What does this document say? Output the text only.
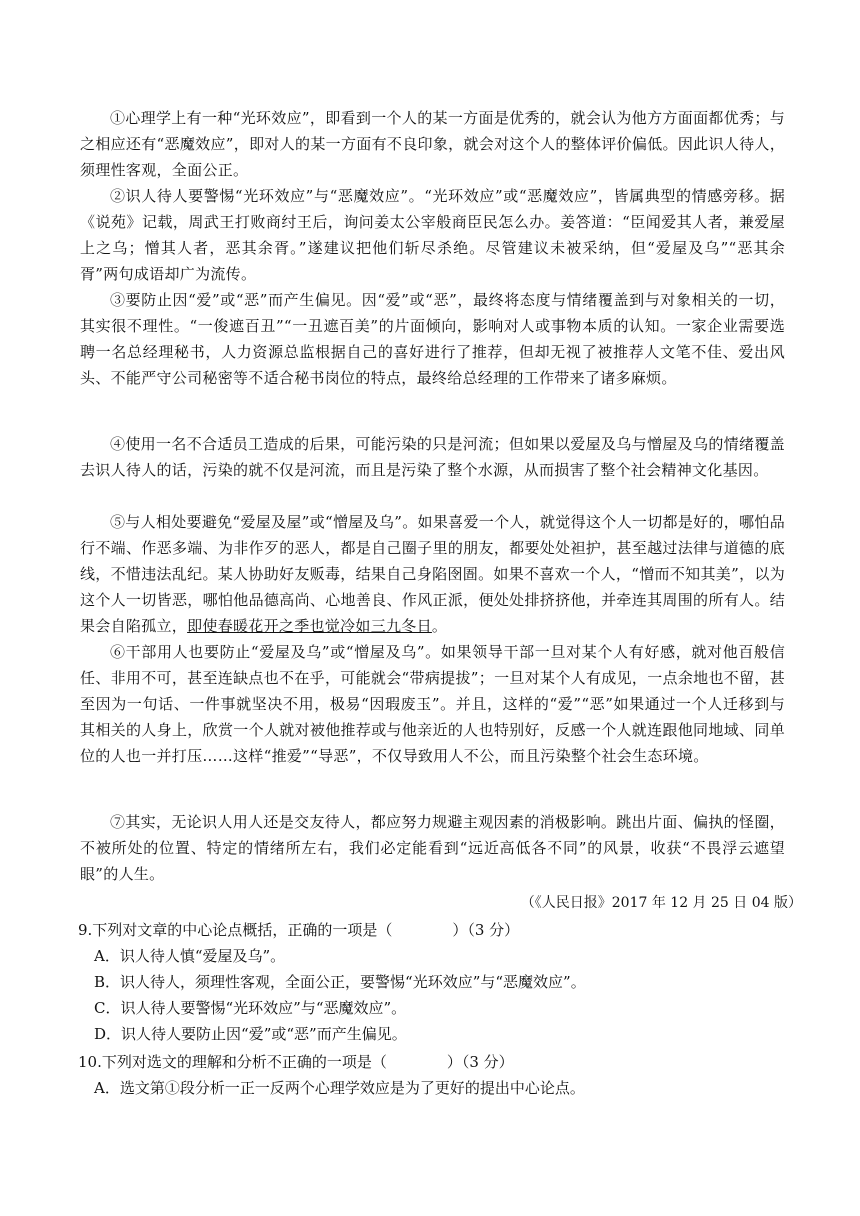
①心理学上有一种“光环效应”，即看到一个人的某一方面是优秀的，就会认为他方方面面都优秀；与之相应还有“恶魔效应”，即对人的某一方面有不良印象，就会对这个人的整体评价偏低。因此识人待人，须理性客观，全面公正。

②识人待人要警惕“光环效应”与“恶魔效应”。“光环效应”或“恶魔效应”，皆属典型的情感旁移。据《说苑》记载，周武王打败商纣王后，询问姜太公宰般商臣民怎么办。姜答道：“臣闻爱其人者，兼爱屋上之乌；憎其人者，恶其余胥。”遂建议把他们斩尽杀绝。尽管建议未被采纳，但“爱屋及乌”“恶其余胥”两句成语却广为流传。

③要防止因“爱”或“恶”而产生偏见。因“爱”或“恶”，最终将态度与情绪覆盖到与对象相关的一切，其实很不理性。“一俊遮百丑”“一丑遮百美”的片面倾向，影响对人或事物本质的认知。一家企业需要选聘一名总经理秘书，人力资源总监根据自己的喜好进行了推荐，但却无视了被推荐人文笔不佳、爱出风头、不能严守公司秘密等不适合秘书岗位的特点，最终给总经理的工作带来了诸多麻烦。

④使用一名不合适员工造成的后果，可能污染的只是河流；但如果以爱屋及乌与憎屋及乌的情绪覆盖去识人待人的话，污染的就不仅是河流，而且是污染了整个水源，从而损害了整个社会精神文化基因。

⑤与人相处要避免“爱屋及屋”或“憎屋及乌”。如果喜爱一个人，就觉得这个人一切都是好的，哪怕品行不端、作恶多端、为非作歹的恶人，都是自己圈子里的朋友，都要处处袒护，甚至越过法律与道德的底线，不惜违法乱纪。某人协助好友贩毒，结果自己身陷囹圄。如果不喜欢一个人，“憎而不知其美”，以为这个人一切皆恶，哪怕他品德高尚、心地善良、作风正派，便处处排挤挤他，并牵连其周围的所有人。结果会自陷孤立，即使春暖花开之季也觉冷如三九冬日。

⑥干部用人也要防止“爱屋及乌”或“憎屋及乌”。如果领导干部一旦对某个人有好感，就对他百般信任、非用不可，甚至连缺点也不在乎，可能就会“带病提拔”；一旦对某个人有成见，一点余地也不留，甚至因为一句话、一件事就坚决不用，极易“因瑕废玉”。并且，这样的“爱”“恶”如果通过一个人迁移到与其相关的人身上，欣赏一个人就对被他推荐或与他亲近的人也特别好，反感一个人就连跟他同地域、同单位的人也一并打压……这样“推爱”“导恶”，不仅导致用人不公，而且污染整个社会生态环境。

⑦其实，无论识人用人还是交友待人，都应努力规避主观因素的消极影响。跳出片面、偏执的怪圈，不被所处的位置、特定的情绪所左右，我们必定能看到“远近高低各不同”的风景，收获“不畏浮云遮望眼”的人生。

（《人民日报》2017 年 12 月 25 日 04 版）

9.下列对文章的中心论点概括，正确的一项是（　　　　）（3 分）

A．识人待人慎“爱屋及乌”。

B．识人待人，须理性客观，全面公正，要警惕“光环效应”与“恶魔效应”。

C．识人待人要警惕“光环效应”与“恶魔效应”。

D．识人待人要防止因“爱”或“恶”而产生偏见。

10.下列对选文的理解和分析不正确的一项是（　　　　）（3 分）

A．选文第①段分析一正一反两个心理学效应是为了更好的提出中心论点。
